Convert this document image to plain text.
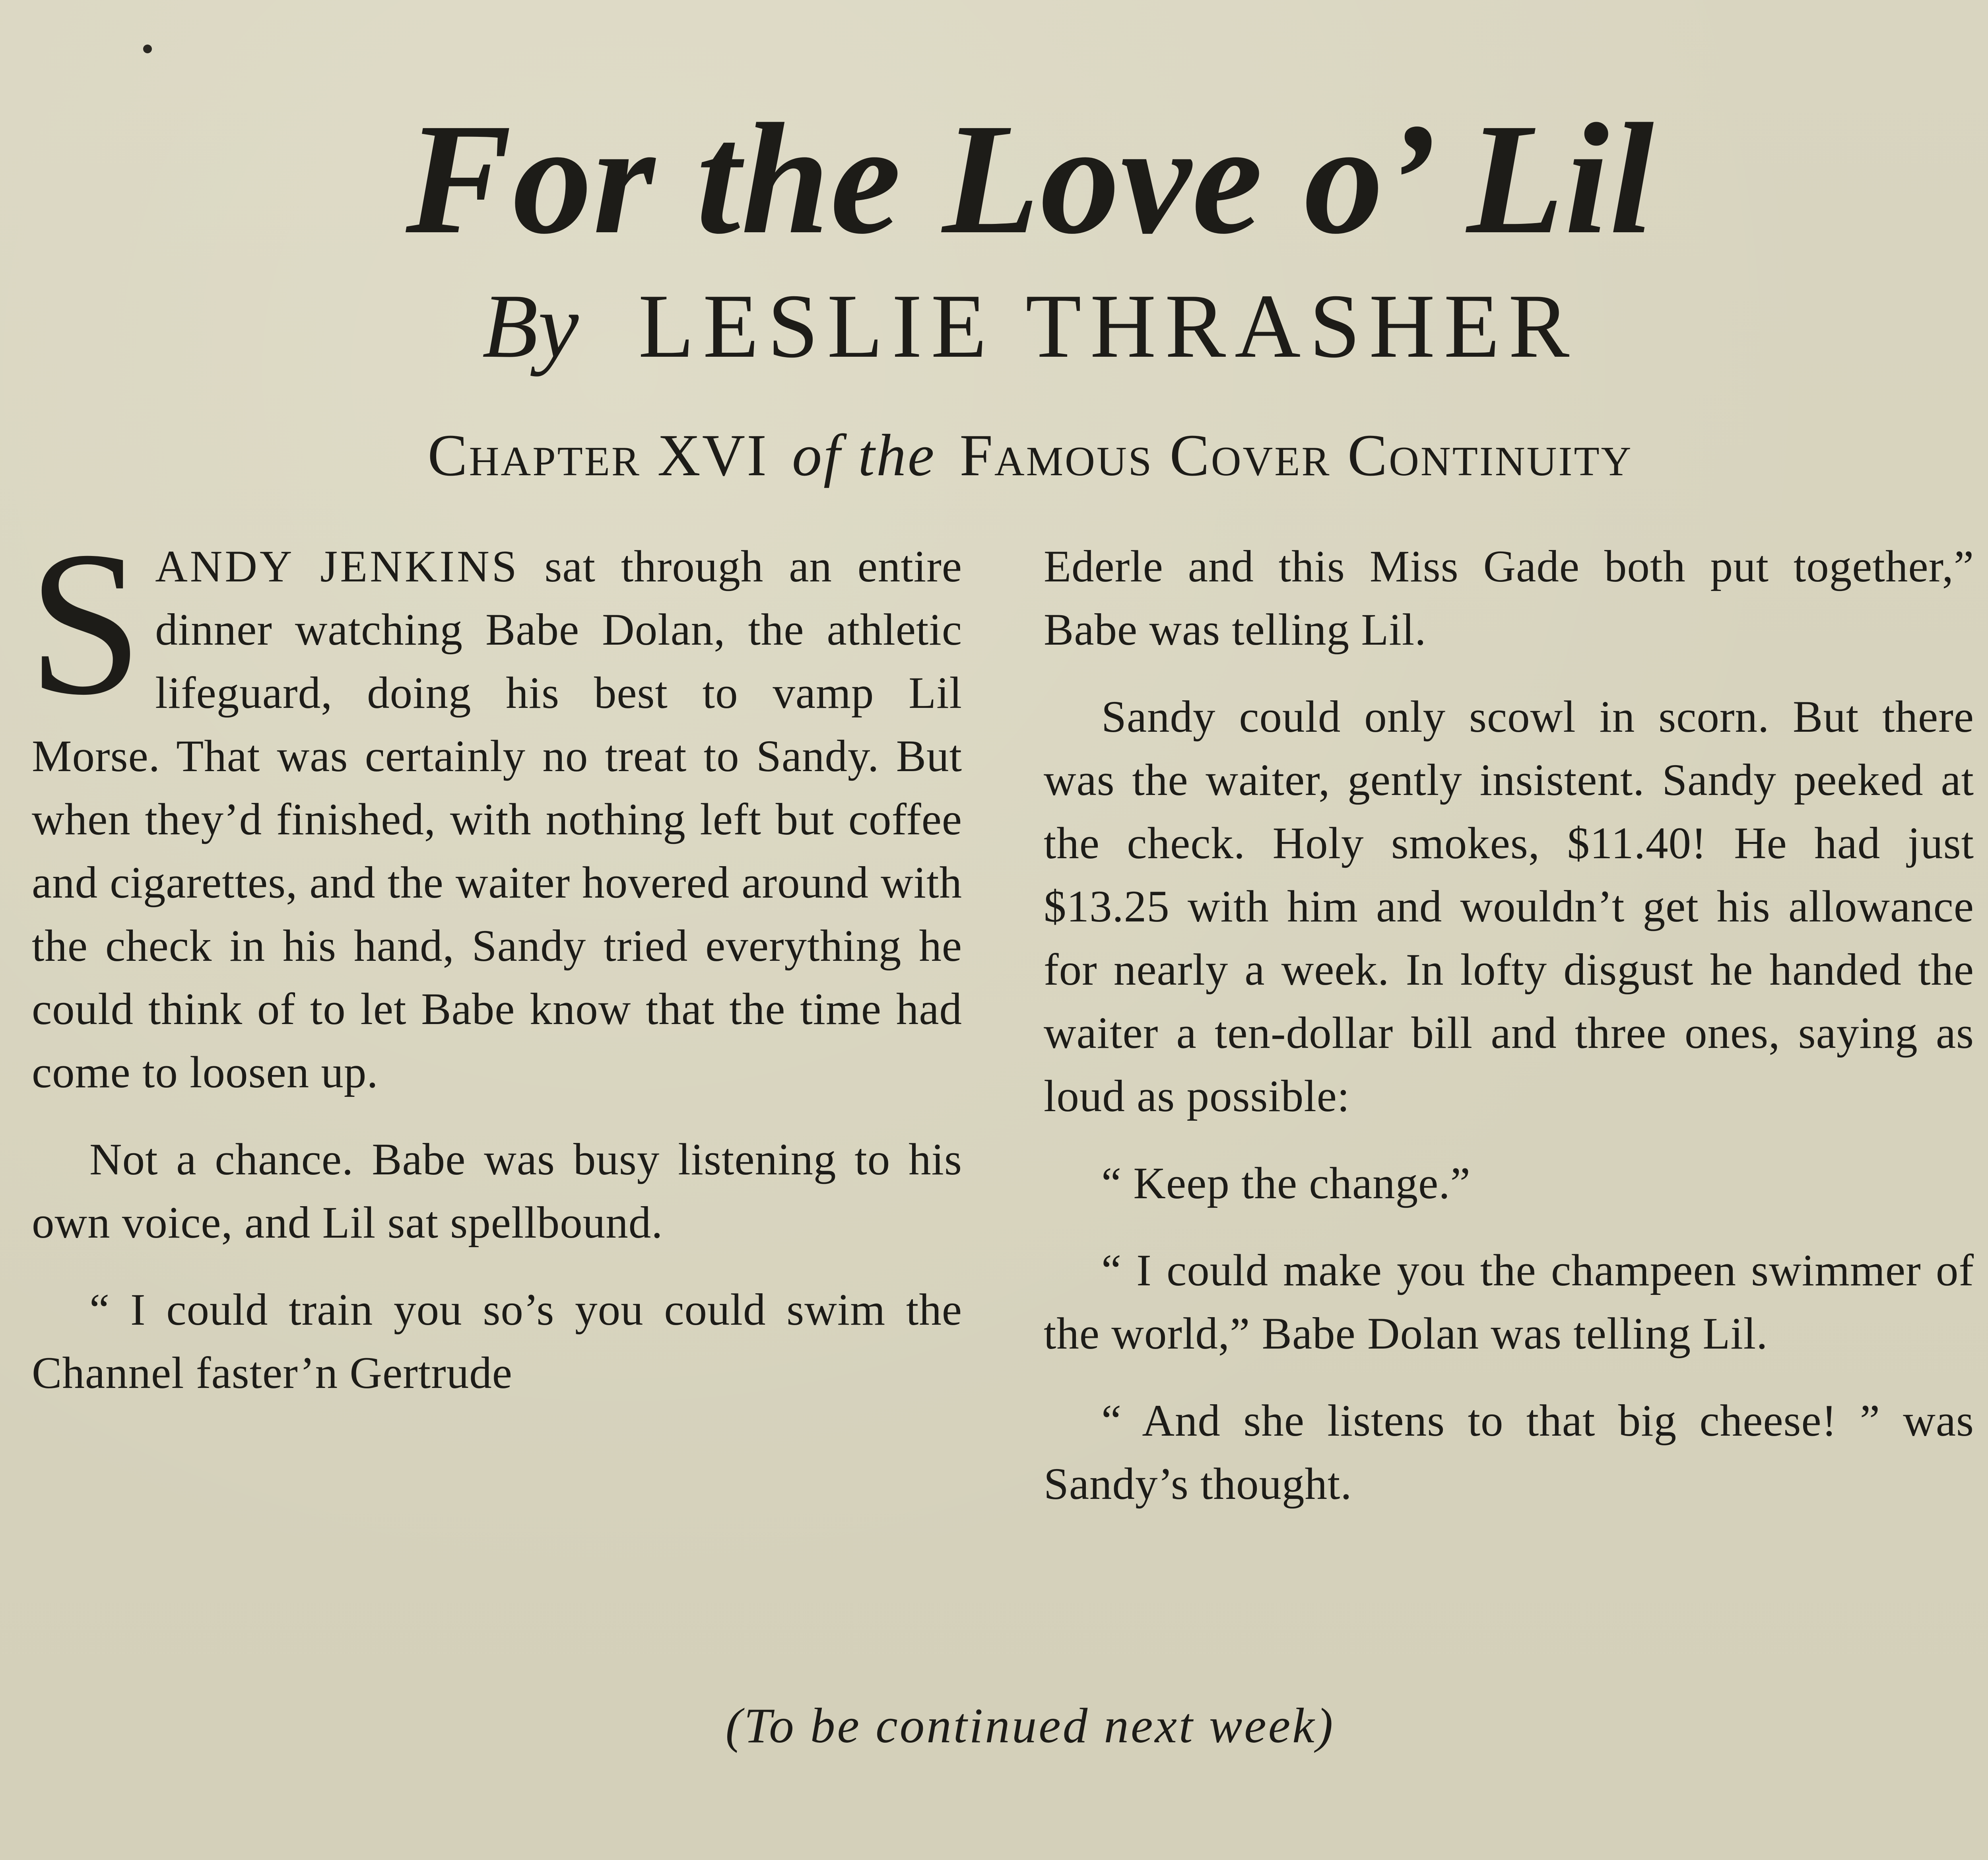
For the Love o’ Lil
By LESLIE THRASHER
Chapter XVI of the Famous Cover Continuity

SANDY JENKINS sat through an entire dinner watching Babe Dolan, the athletic lifeguard, doing his best to vamp Lil Morse. That was certainly no treat to Sandy. But when they’d finished, with nothing left but coffee and cigarettes, and the waiter hovered around with the check in his hand, Sandy tried everything he could think of to let Babe know that the time had come to loosen up.

Not a chance. Babe was busy listening to his own voice, and Lil sat spellbound.

“ I could train you so’s you could swim the Channel faster’n Gertrude

Ederle and this Miss Gade both put together,” Babe was telling Lil.

Sandy could only scowl in scorn. But there was the waiter, gently insistent. Sandy peeked at the check. Holy smokes, $11.40! He had just $13.25 with him and wouldn’t get his allowance for nearly a week. In lofty disgust he handed the waiter a ten-dollar bill and three ones, saying as loud as possible:

“ Keep the change.”

“ I could make you the champeen swimmer of the world,” Babe Dolan was telling Lil.

“ And she listens to that big cheese! ” was Sandy’s thought.

(To be continued next week)
